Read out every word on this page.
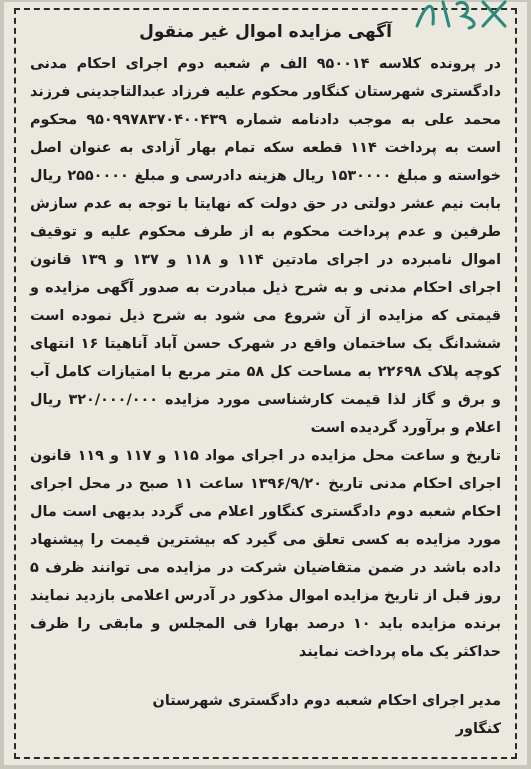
آگهی مزایده اموال غیر منقول

در پرونده کلاسه ۹۵۰۰۱۴ الف م شعبه دوم اجرای احکام مدنی دادگستری شهرستان کنگاور محکوم علیه فرزاد عبدالتاجدینی فرزند محمد علی به موجب دادنامه شماره ۹۵۰۹۹۷۸۳۷۰۴۰۰۴۳۹ محکوم است به پرداخت ۱۱۴ قطعه سکه تمام بهار آزادی به عنوان اصل خواسته و مبلغ ۱۵۳۰۰۰۰ ریال هزینه دادرسی و مبلغ ۲۵۵۰۰۰۰ ریال بابت نیم عشر دولتی در حق دولت که نهایتا با توجه به عدم سازش طرفین و عدم پرداخت محکوم به از طرف محکوم علیه و توقیف اموال نامبرده در اجرای مادتین ۱۱۴ و ۱۱۸ و ۱۳۷ و ۱۳۹ قانون اجرای احکام مدنی و به شرح ذیل مبادرت به صدور آگهی مزایده و قیمتی که مزایده از آن شروع می شود به شرح ذیل نموده است ششدانگ یک ساختمان واقع در شهرک حسن آباد آناهیتا ۱۶ انتهای کوچه پلاک ۲۲۶۹۸ به مساحت کل ۵۸ متر مربع با امتیازات کامل آب و برق و گاز لذا قیمت کارشناسی مورد مزایده ۳۲۰/۰۰۰/۰۰۰ ریال اعلام و برآورد گردیده است

تاریخ و ساعت محل مزایده در اجرای مواد ۱۱۵ و ۱۱۷ و ۱۱۹ قانون اجرای احکام مدنی تاریخ ۱۳۹۶/۹/۲۰ ساعت ۱۱ صبح در محل اجرای احکام شعبه دوم دادگستری کنگاور اعلام می گردد بدیهی است مال مورد مزایده به کسی تعلق می گیرد که بیشترین قیمت را پیشنهاد داده باشد در ضمن متقاضیان شرکت در مزایده می توانند ظرف ۵ روز قبل از تاریخ مزایده اموال مذکور در آدرس اعلامی بازدید نمایند برنده مزایده باید ۱۰ درصد بهارا فی المجلس و مابقی را ظرف حداکثر یک ماه پرداخت نمایند

مدیر اجرای احکام شعبه دوم دادگستری شهرستان

کنگاور
